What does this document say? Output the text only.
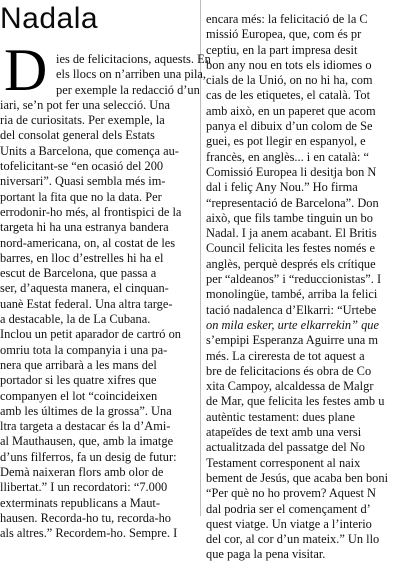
Nadala
D ies de felicitacions, aquests. En
els llocs on n’arriben una pila,
per exemple la redacció d’un
iari, se’n pot fer una selecció. Una
ria de curiositats. Per exemple, la
del consolat general dels Estats
Units a Barcelona, que comença au-
tofelicitant-se “en ocasió del 200
niversari”. Quasi sembla més im-
portant la fita que no la data. Per
errodonir-ho més, al frontispici de la
targeta hi ha una estranya bandera
nord-americana, on, al costat de les
barres, en lloc d’estrelles hi ha el
escut de Barcelona, que passa a
ser, d’aquesta manera, el cinquan-
uanè Estat federal. Una altra targe-
a destacable, la de La Cubana.
Inclou un petit aparador de cartró on
omriu tota la companyia i una pa-
nera que arribarà a les mans del
portador si les quatre xifres que
companyen el lot “coincideixen
amb les últimes de la grossa”. Una
ltra targeta a destacar és la d’Ami-
al Mauthausen, que, amb la imatge
d’uns filferros, fa un desig de futur:
Demà naixeran flors amb olor de
llibertat.” I un recordatori: “7.000
exterminats republicans a Maut-
hausen. Recorda-ho tu, recorda-ho
als altres.” Recordem-ho. Sempre. I
encara més: la felicitació de la C
missió Europea, que, com és pr
ceptiu, en la part impresa desit
bon any nou en tots els idiomes o
cials de la Unió, on no hi ha, com
cas de les etiquetes, el català. Tot
amb això, en un paperet que acom
panya el dibuix d’un colom de Se
guei, es pot llegir en espanyol, e
francès, en anglès... i en català: “
Comissió Europea li desitja bon N
dal i feliç Any Nou.” Ho firma
“representació de Barcelona”. Don
això, que fils tambe tinguin un bo
Nadal. I ja anem acabant. El Britis
Council felicita les festes només e
anglès, perquè després els crítique
per “aldeanos” i “reduccionistas”. I
monolingüe, també, arriba la felici
tació nadalenca d’Elkarri: “Urtebe
on mila esker, urte elkarrekin” que
s’empipi Esperanza Aguirre una m
més. La cireresta de tot aquest a
bre de felicitacions és obra de Co
xita Campoy, alcaldessa de Malgr
de Mar, que felicita les festes amb u
autèntic testament: dues plane
atapeïdes de text amb una versi
actualitzada del passatge del No
Testament corresponent al naix
bement de Jesús, que acaba ben boni
“Per què no ho provem? Aquest N
dal podria ser el començament d’
quest viatge. Un viatge a l’interio
del cor, al cor d’un mateix.” Un llo
que paga la pena visitar.
